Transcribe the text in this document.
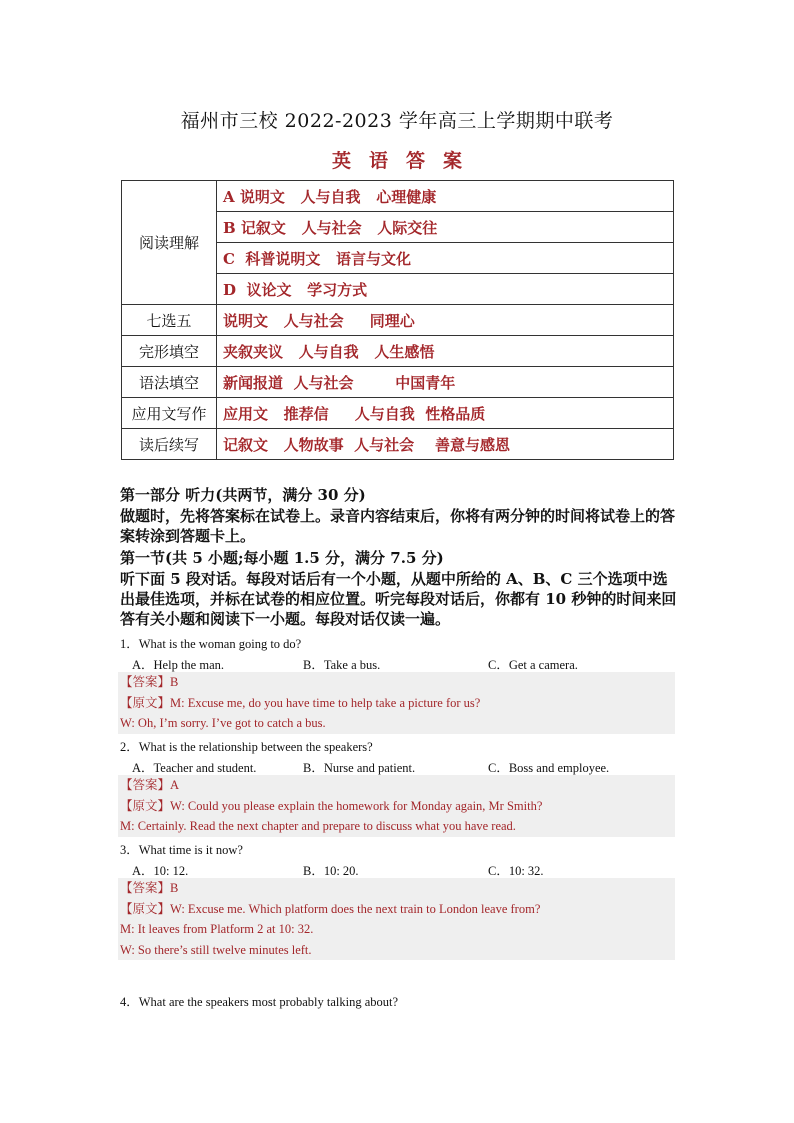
福州市三校 2022-2023 学年高三上学期期中联考
英语答案
阅读理解	A 说明文   人与自我   心理健康
	B 记叙文   人与社会   人际交往
	C  科普说明文   语言与文化
	D  议论文   学习方式
七选五	说明文   人与社会     同理心
完形填空	夹叙夹议   人与自我   人生感悟
语法填空	新闻报道  人与社会        中国青年
应用文写作	应用文   推荐信     人与自我  性格品质
读后续写	记叙文   人物故事  人与社会    善意与感恩
第一部分 听力(共两节，满分 30 分)
做题时，先将答案标在试卷上。录音内容结束后，你将有两分钟的时间将试卷上的答案转涂到答题卡上。
第一节(共 5 小题;每小题 1.5 分，满分 7.5 分)
听下面 5 段对话。每段对话后有一个小题，从题中所给的 A、B、C 三个选项中选出最佳选项，并标在试卷的相应位置。听完每段对话后，你都有 10 秒钟的时间来回答有关小题和阅读下一小题。每段对话仅读一遍。
1．What is the woman going to do?
A．Help the man.	B．Take a bus.	C．Get a camera.
【答案】B
【原文】M: Excuse me, do you have time to help take a picture for us?
W: Oh, I’m sorry. I’ve got to catch a bus.
2．What is the relationship between the speakers?
A．Teacher and student.	B．Nurse and patient.	C．Boss and employee.
【答案】A
【原文】W: Could you please explain the homework for Monday again, Mr Smith?
M: Certainly. Read the next chapter and prepare to discuss what you have read.
3．What time is it now?
A．10: 12.	B．10: 20.	C．10: 32.
【答案】B
【原文】W: Excuse me. Which platform does the next train to London leave from?
M: It leaves from Platform 2 at 10: 32.
W: So there’s still twelve minutes left.
4．What are the speakers most probably talking about?
